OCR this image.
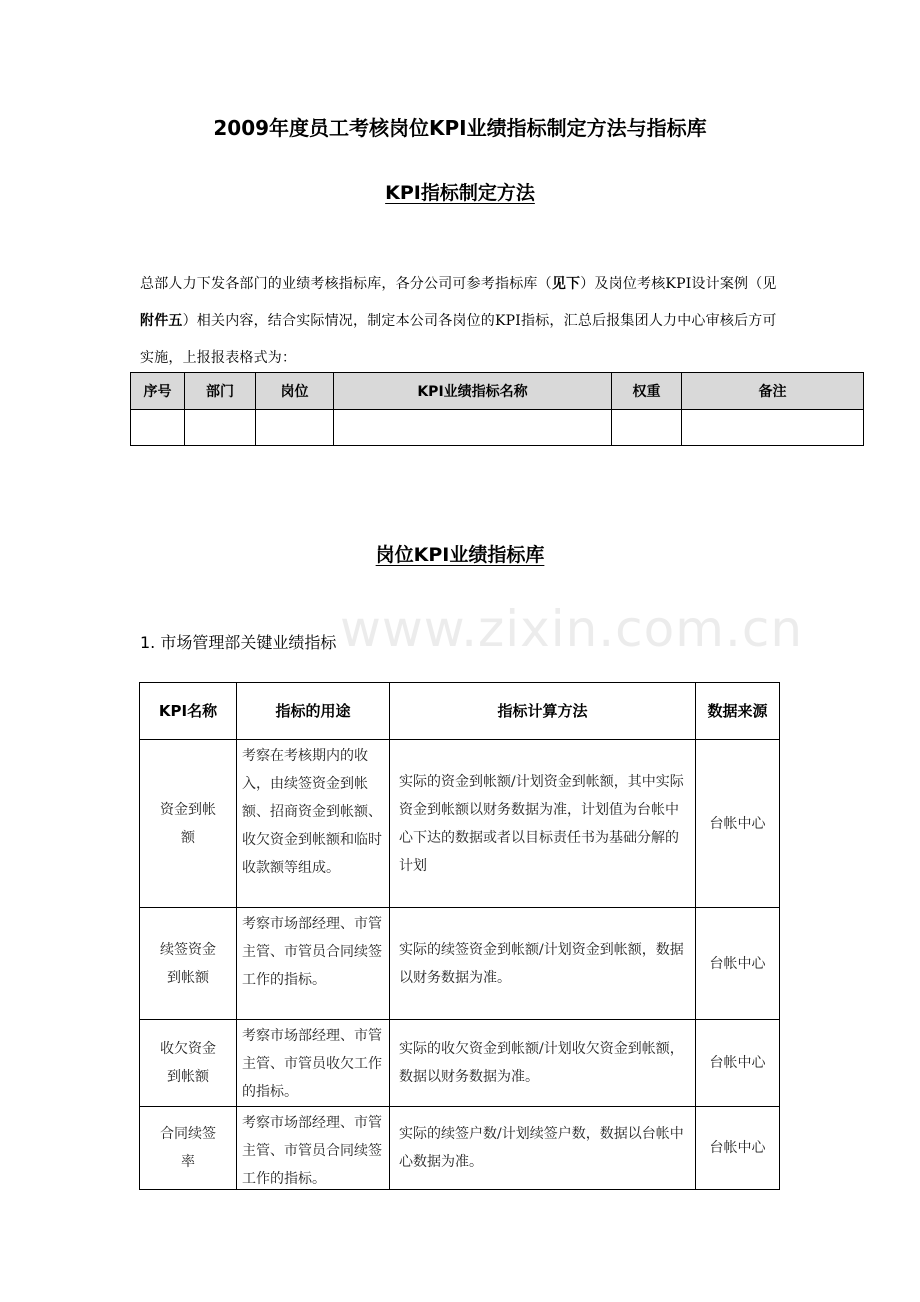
www.zixin.com.cn
2009年度员工考核岗位KPI业绩指标制定方法与指标库
KPI指标制定方法
总部人力下发各部门的业绩考核指标库，各分公司可参考指标库（见下）及岗位考核KPI设计案例（见附件五）相关内容，结合实际情况，制定本公司各岗位的KPI指标，汇总后报集团人力中心审核后方可实施，上报报表格式为：
序号	部门	岗位	KPI业绩指标名称	权重	备注

岗位KPI业绩指标库
1. 市场管理部关键业绩指标
KPI名称	指标的用途	指标计算方法	数据来源
资金到帐额	考察在考核期内的收入，由续签资金到帐额、招商资金到帐额、收欠资金到帐额和临时收款额等组成。	实际的资金到帐额/计划资金到帐额，其中实际资金到帐额以财务数据为准，计划值为台帐中心下达的数据或者以目标责任书为基础分解的计划	台帐中心
续签资金到帐额	考察市场部经理、市管主管、市管员合同续签工作的指标。	实际的续签资金到帐额/计划资金到帐额，数据以财务数据为准。	台帐中心
收欠资金到帐额	考察市场部经理、市管主管、市管员收欠工作的指标。	实际的收欠资金到帐额/计划收欠资金到帐额，数据以财务数据为准。	台帐中心
合同续签率	考察市场部经理、市管主管、市管员合同续签工作的指标。	实际的续签户数/计划续签户数，数据以台帐中心数据为准。	台帐中心
